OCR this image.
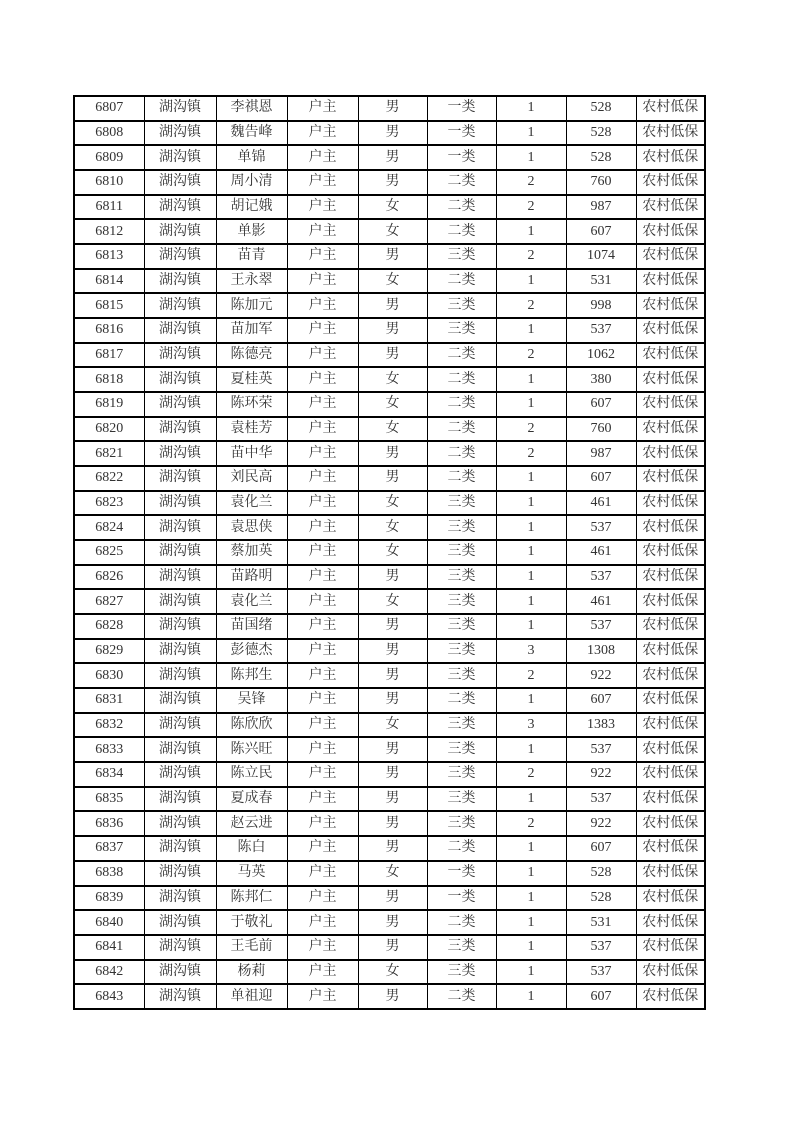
6807	湖沟镇	李祺恩	户主	男	一类	1	528	农村低保
6808	湖沟镇	魏告峰	户主	男	一类	1	528	农村低保
6809	湖沟镇	单锦	户主	男	一类	1	528	农村低保
6810	湖沟镇	周小清	户主	男	二类	2	760	农村低保
6811	湖沟镇	胡记娥	户主	女	二类	2	987	农村低保
6812	湖沟镇	单影	户主	女	二类	1	607	农村低保
6813	湖沟镇	苗青	户主	男	三类	2	1074	农村低保
6814	湖沟镇	王永翠	户主	女	二类	1	531	农村低保
6815	湖沟镇	陈加元	户主	男	三类	2	998	农村低保
6816	湖沟镇	苗加军	户主	男	三类	1	537	农村低保
6817	湖沟镇	陈德亮	户主	男	二类	2	1062	农村低保
6818	湖沟镇	夏桂英	户主	女	二类	1	380	农村低保
6819	湖沟镇	陈环荣	户主	女	二类	1	607	农村低保
6820	湖沟镇	袁桂芳	户主	女	二类	2	760	农村低保
6821	湖沟镇	苗中华	户主	男	二类	2	987	农村低保
6822	湖沟镇	刘民高	户主	男	二类	1	607	农村低保
6823	湖沟镇	袁化兰	户主	女	三类	1	461	农村低保
6824	湖沟镇	袁思侠	户主	女	三类	1	537	农村低保
6825	湖沟镇	蔡加英	户主	女	三类	1	461	农村低保
6826	湖沟镇	苗路明	户主	男	三类	1	537	农村低保
6827	湖沟镇	袁化兰	户主	女	三类	1	461	农村低保
6828	湖沟镇	苗国绪	户主	男	三类	1	537	农村低保
6829	湖沟镇	彭德杰	户主	男	三类	3	1308	农村低保
6830	湖沟镇	陈邦生	户主	男	三类	2	922	农村低保
6831	湖沟镇	吴锋	户主	男	二类	1	607	农村低保
6832	湖沟镇	陈欣欣	户主	女	三类	3	1383	农村低保
6833	湖沟镇	陈兴旺	户主	男	三类	1	537	农村低保
6834	湖沟镇	陈立民	户主	男	三类	2	922	农村低保
6835	湖沟镇	夏成春	户主	男	三类	1	537	农村低保
6836	湖沟镇	赵云进	户主	男	三类	2	922	农村低保
6837	湖沟镇	陈白	户主	男	二类	1	607	农村低保
6838	湖沟镇	马英	户主	女	一类	1	528	农村低保
6839	湖沟镇	陈邦仁	户主	男	一类	1	528	农村低保
6840	湖沟镇	于敬礼	户主	男	二类	1	531	农村低保
6841	湖沟镇	王毛前	户主	男	三类	1	537	农村低保
6842	湖沟镇	杨莉	户主	女	三类	1	537	农村低保
6843	湖沟镇	单祖迎	户主	男	二类	1	607	农村低保
